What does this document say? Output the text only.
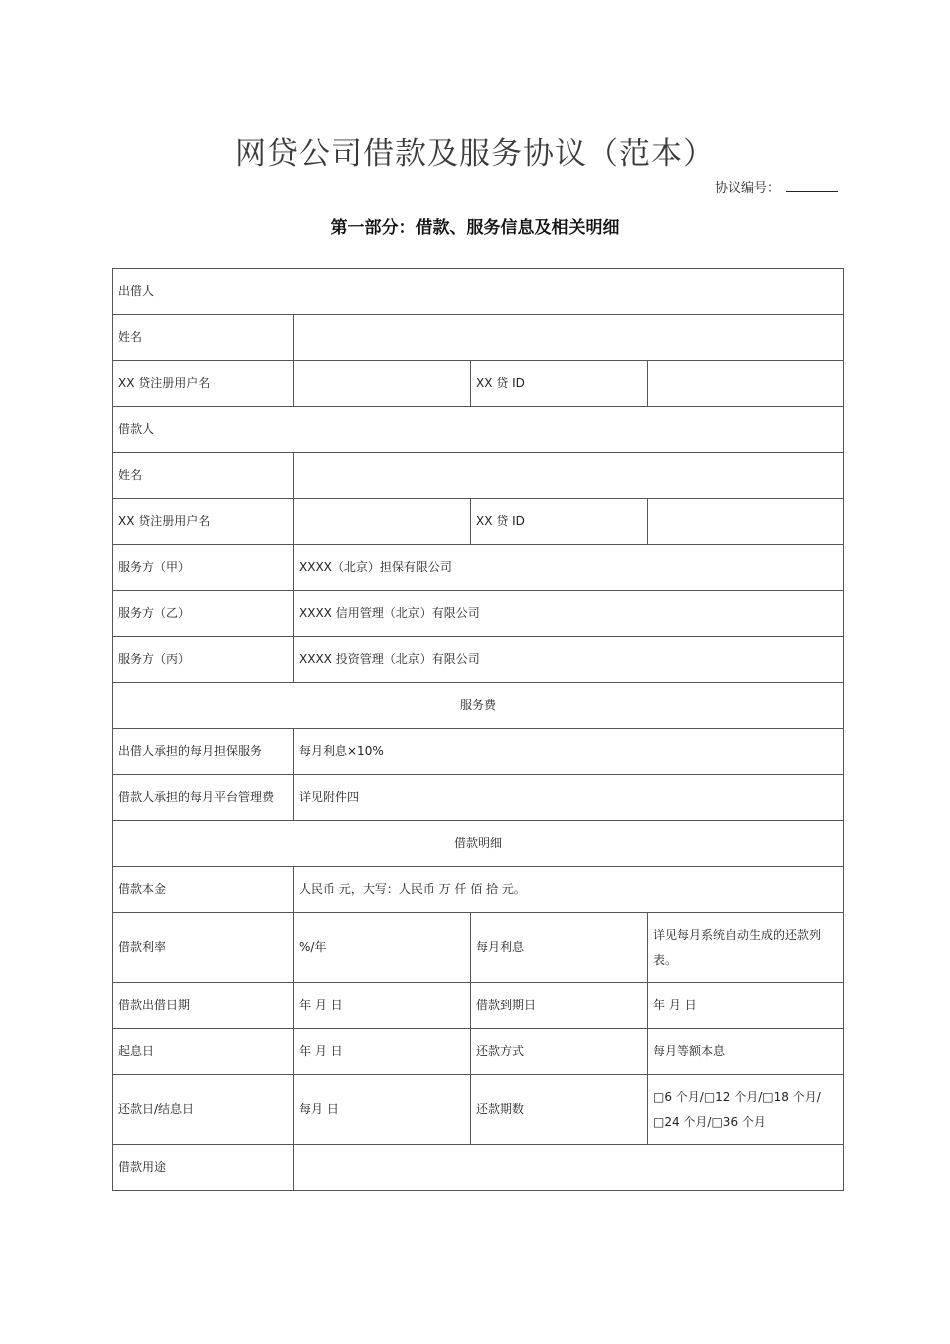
网贷公司借款及服务协议（范本）
协议编号：
第一部分：借款、服务信息及相关明细
出借人			
姓名			
XX 贷注册用户名		XX 贷 ID	
借款人			
姓名			
XX 贷注册用户名		XX 贷 ID	
服务方（甲）	XXXX（北京）担保有限公司		
服务方（乙）	XXXX 信用管理（北京）有限公司		
服务方（丙）	XXXX 投资管理（北京）有限公司		
服务费			
出借人承担的每月担保服务	每月利息×10%		
借款人承担的每月平台管理费	详见附件四		
借款明细			
借款本金	人民币 元，大写：人民币 万 仟 佰 拾 元。		
借款利率	%/年	每月利息	详见每月系统自动生成的还款列表。
借款出借日期	年 月 日	借款到期日	年 月 日
起息日	年 月 日	还款方式	每月等额本息
还款日/结息日	每月 日	还款期数	□6 个月/□12 个月/□18 个月/□24 个月/□36 个月
借款用途			
